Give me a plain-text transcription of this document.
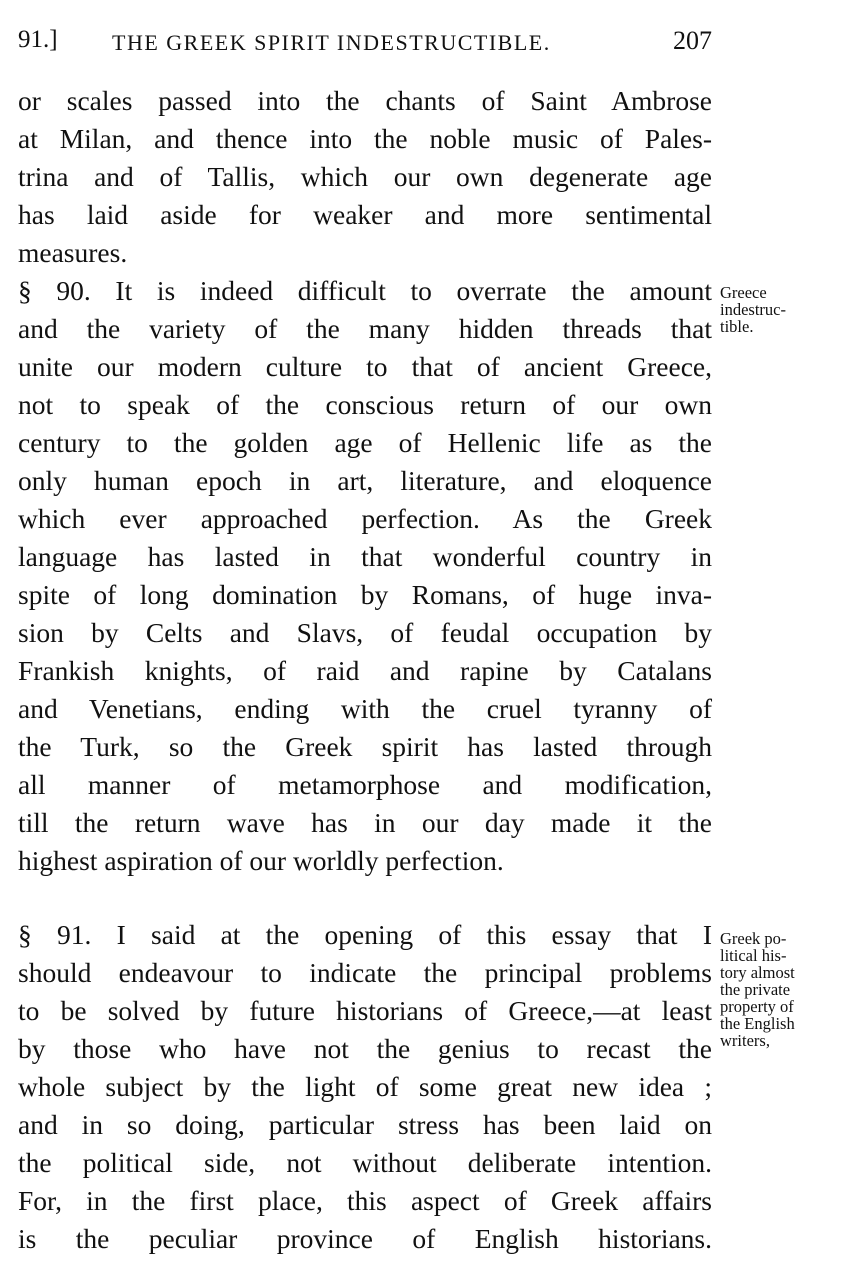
91.] THE GREEK SPIRIT INDESTRUCTIBLE.	207
or scales passed into the chants of Saint Ambrose
at Milan, and thence into the noble music of Pales-
trina and of Tallis, which our own degenerate age
has laid aside for weaker and more sentimental
measures.
§ 90. It is indeed difficult to overrate the amount
and the variety of the many hidden threads that
unite our modern culture to that of ancient Greece,
not to speak of the conscious return of our own
century to the golden age of Hellenic life as the
only human epoch in art, literature, and eloquence
which ever approached perfection. As the Greek
language has lasted in that wonderful country in
spite of long domination by Romans, of huge inva-
sion by Celts and Slavs, of feudal occupation by
Frankish knights, of raid and rapine by Catalans
and Venetians, ending with the cruel tyranny of
the Turk, so the Greek spirit has lasted through
all manner of metamorphose and modification,
till the return wave has in our day made it the
highest aspiration of our worldly perfection.
§ 91. I said at the opening of this essay that I
should endeavour to indicate the principal problems
to be solved by future historians of Greece,—at least
by those who have not the genius to recast the
whole subject by the light of some great new idea ;
and in so doing, particular stress has been laid on
the political side, not without deliberate intention.
For, in the first place, this aspect of Greek affairs
is the peculiar province of English historians.
Greece
indestruc-
tible.
Greek po-
litical his-
tory almost
the private
property of
the English
writers,
